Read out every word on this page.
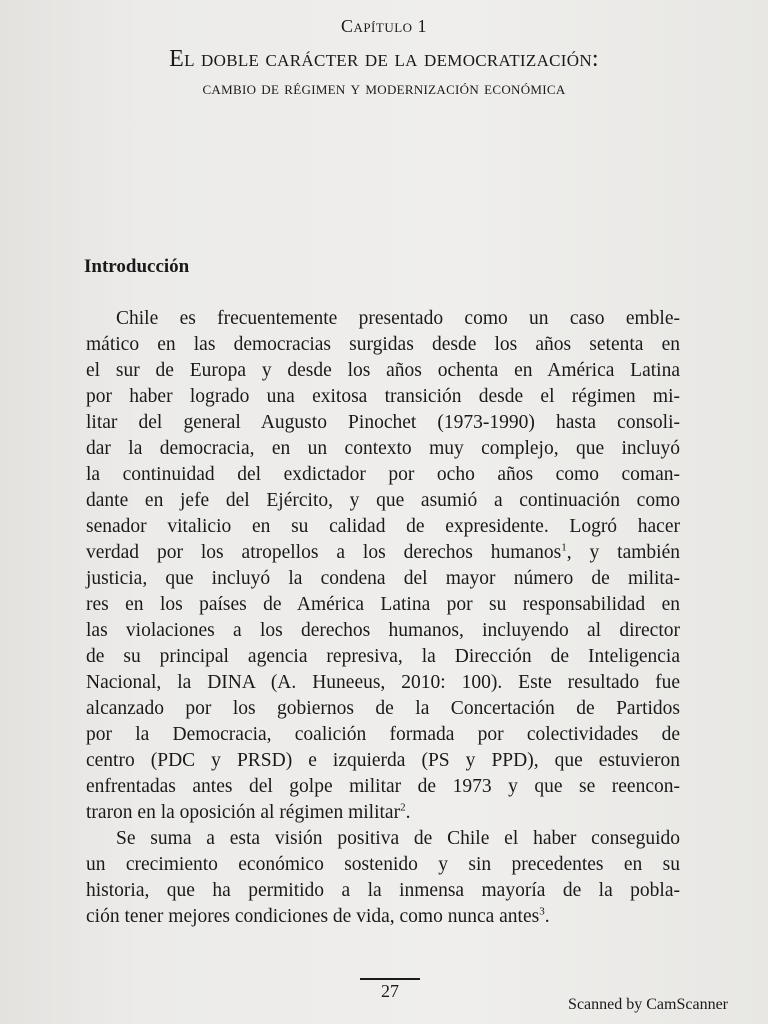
Capítulo 1
El doble carácter de la democratización:
cambio de régimen y modernización económica
Introducción
Chile es frecuentemente presentado como un caso emble-
mático en las democracias surgidas desde los años setenta en
el sur de Europa y desde los años ochenta en América Latina
por haber logrado una exitosa transición desde el régimen mi-
litar del general Augusto Pinochet (1973-1990) hasta consoli-
dar la democracia, en un contexto muy complejo, que incluyó
la continuidad del exdictador por ocho años como coman-
dante en jefe del Ejército, y que asumió a continuación como
senador vitalicio en su calidad de expresidente. Logró hacer
verdad por los atropellos a los derechos humanos$^1$, y también
justicia, que incluyó la condena del mayor número de milita-
res en los países de América Latina por su responsabilidad en
las violaciones a los derechos humanos, incluyendo al director
de su principal agencia represiva, la Dirección de Inteligencia
Nacional, la DINA (A. Huneeus, 2010: 100). Este resultado fue
alcanzado por los gobiernos de la Concertación de Partidos
por la Democracia, coalición formada por colectividades de
centro (PDC y PRSD) e izquierda (PS y PPD), que estuvieron
enfrentadas antes del golpe militar de 1973 y que se reencon-
traron en la oposición al régimen militar$^2$.
Se suma a esta visión positiva de Chile el haber conseguido
un crecimiento económico sostenido y sin precedentes en su
historia, que ha permitido a la inmensa mayoría de la pobla-
ción tener mejores condiciones de vida, como nunca antes$^3$.
27
Scanned by CamScanner
